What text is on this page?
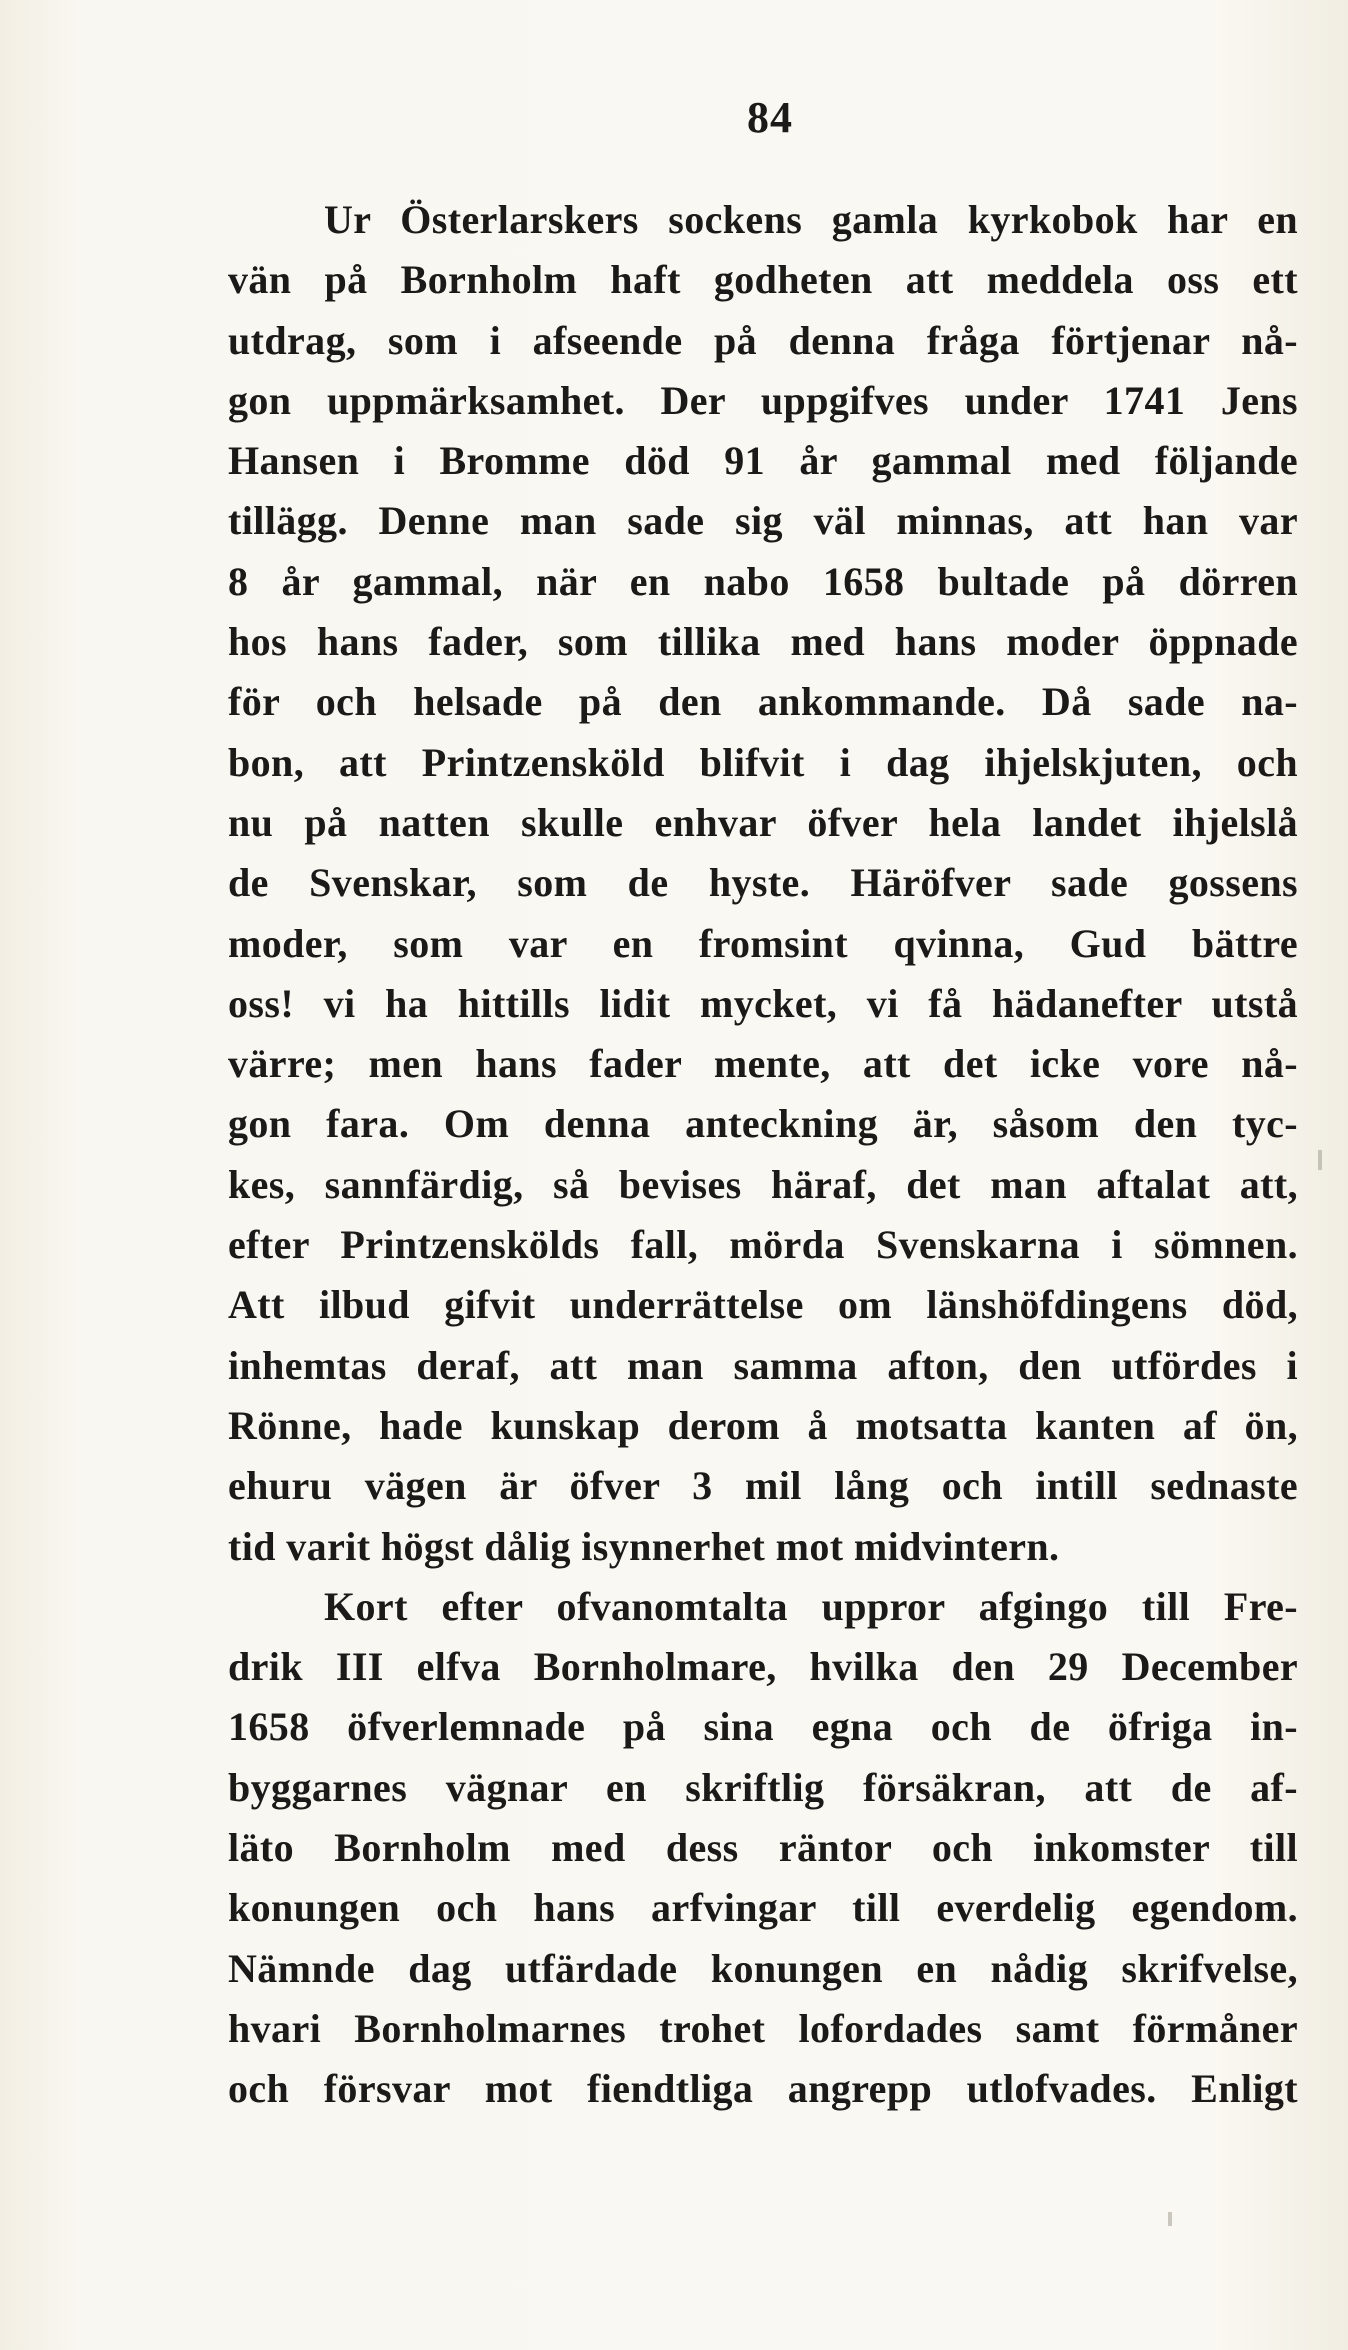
84
Ur Österlarskers sockens gamla kyrkobok har en
vän på Bornholm haft godheten att meddela oss ett
utdrag, som i afseende på denna fråga förtjenar nå-
gon uppmärksamhet. Der uppgifves under 1741 Jens
Hansen i Bromme död 91 år gammal med följande
tillägg. Denne man sade sig väl minnas, att han var
8 år gammal, när en nabo 1658 bultade på dörren
hos hans fader, som tillika med hans moder öppnade
för och helsade på den ankommande. Då sade na-
bon, att Printzensköld blifvit i dag ihjelskjuten, och
nu på natten skulle enhvar öfver hela landet ihjelslå
de Svenskar, som de hyste. Häröfver sade gossens
moder, som var en fromsint qvinna, Gud bättre
oss! vi ha hittills lidit mycket, vi få hädanefter utstå
värre; men hans fader mente, att det icke vore nå-
gon fara. Om denna anteckning är, såsom den tyc-
kes, sannfärdig, så bevises häraf, det man aftalat att,
efter Printzenskölds fall, mörda Svenskarna i sömnen.
Att ilbud gifvit underrättelse om länshöfdingens död,
inhemtas deraf, att man samma afton, den utfördes i
Rönne, hade kunskap derom å motsatta kanten af ön,
ehuru vägen är öfver 3 mil lång och intill sednaste
tid varit högst dålig isynnerhet mot midvintern.
Kort efter ofvanomtalta uppror afgingo till Fre-
drik III elfva Bornholmare, hvilka den 29 December
1658 öfverlemnade på sina egna och de öfriga in-
byggarnes vägnar en skriftlig försäkran, att de af-
läto Bornholm med dess räntor och inkomster till
konungen och hans arfvingar till everdelig egendom.
Nämnde dag utfärdade konungen en nådig skrifvelse,
hvari Bornholmarnes trohet lofordades samt förmåner
och försvar mot fiendtliga angrepp utlofvades. Enligt
